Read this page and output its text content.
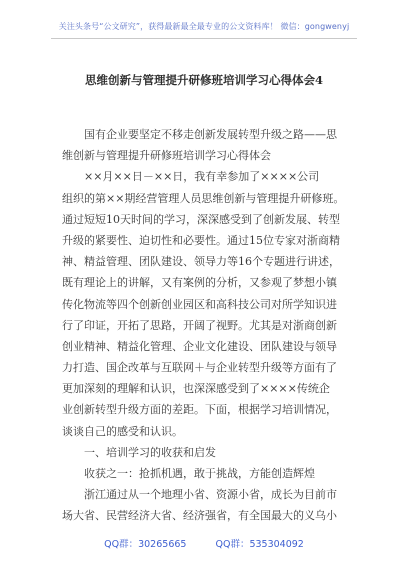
关注头条号“公文研究”，获得最新最全最专业的公文资料库！ 微信：gongwenyj
思维创新与管理提升研修班培训学习心得体会4
国有企业要坚定不移走创新发展转型升级之路——思
维创新与管理提升研修班培训学习心得体会
××月××日－××日，我有幸参加了××××公司
组织的第××期经营管理人员思维创新与管理提升研修班。
通过短短10天时间的学习，深深感受到了创新发展、转型
升级的紧要性、迫切性和必要性。通过15位专家对浙商精
神、精益管理、团队建设、领导力等16个专题进行讲述，
既有理论上的讲解，又有案例的分析，又参观了梦想小镇
传化物流等四个创新创业园区和高科技公司对所学知识进
行了印证，开拓了思路，开阔了视野。尤其是对浙商创新
创业精神、精益化管理、企业文化建设、团队建设与领导
力打造、国企改革与互联网＋与企业转型升级等方面有了
更加深刻的理解和认识，也深深感受到了××××传统企
业创新转型升级方面的差距。下面，根据学习培训情况，
谈谈自己的感受和认识。
一、培训学习的收获和启发
收获之一：抢抓机遇，敢于挑战，方能创造辉煌
浙江通过从一个地理小省、资源小省，成长为目前市
场大省、民营经济大省、经济强省，有全国最大的义乌小
QQ群：30265665	QQ群：535304092
